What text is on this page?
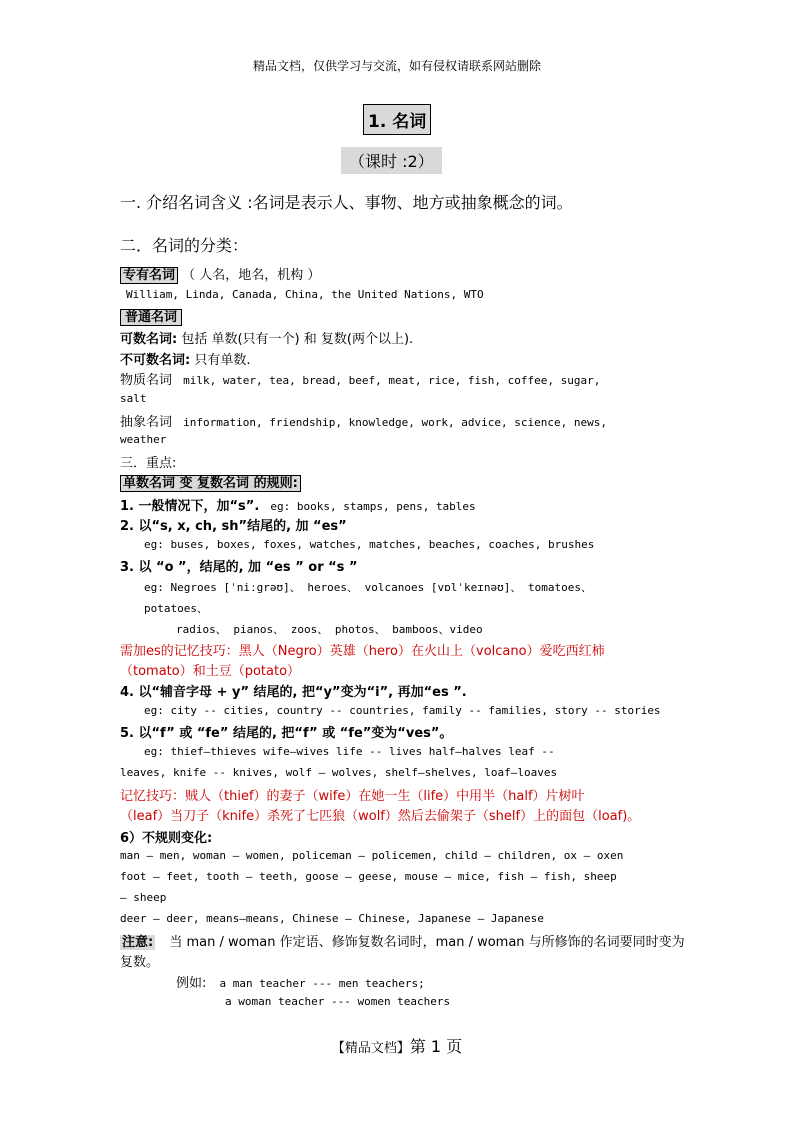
精品文档，仅供学习与交流，如有侵权请联系网站删除
1. 名词
（课时 :2）
一. 介绍名词含义 :名词是表示人、事物、地方或抽象概念的词。
二．名词的分类：
专有名词 （ 人名，地名，机构 ）
William, Linda, Canada, China, the United Nations, WTO
普通名词
可数名词: 包括 单数(只有一个) 和 复数(两个以上).
不可数名词: 只有单数.
物质名词 milk, water, tea, bread, beef, meat, rice, fish, coffee, sugar,
salt
抽象名词 information, friendship, knowledge, work, advice, science, news,
weather
三．重点:
单数名词 变 复数名词 的规则:
1. 一般情况下，加“s”. eg: books, stamps, pens, tables
2. 以“s, x, ch, sh”结尾的, 加 “es”
eg: buses, boxes, foxes, watches, matches, beaches, coaches, brushes
3. 以 “o ”，结尾的, 加 “es ” or “s ”
eg: Negroes [ˈniːgrəʊ]、 heroes、 volcanoes [vɒlˈkeɪnəʊ]、 tomatoes、
potatoes、
radios、 pianos、 zoos、 photos、 bamboos、video
需加es的记忆技巧：黑人（Negro）英雄（hero）在火山上（volcano）爱吃西红柿
（tomato）和土豆（potato）
4. 以“辅音字母 + y” 结尾的, 把“y”变为“i”, 再加“es ”.
eg: city -- cities, country -- countries, family -- families, story -- stories
5. 以“f” 或 “fe” 结尾的, 把“f” 或 “fe”变为“ves”。
eg: thief—thieves wife—wives life -- lives half—halves leaf --
leaves, knife -- knives, wolf – wolves, shelf—shelves, loaf—loaves
记忆技巧：贼人（thief）的妻子（wife）在她一生（life）中用半（half）片树叶
（leaf）当刀子（knife）杀死了七匹狼（wolf）然后去偷架子（shelf）上的面包（loaf)。
6）不规则变化:
man – men, woman – women, policeman – policemen, child – children, ox – oxen
foot – feet, tooth – teeth, goose – geese, mouse – mice, fish – fish, sheep
– sheep
deer – deer, means–means, Chinese – Chinese, Japanese – Japanese
注意: 当 man / woman 作定语、修饰复数名词时，man / woman 与所修饰的名词要同时变为
复数。
例如: a man teacher --- men teachers;
a woman teacher --- women teachers
【精品文档】第 1 页
